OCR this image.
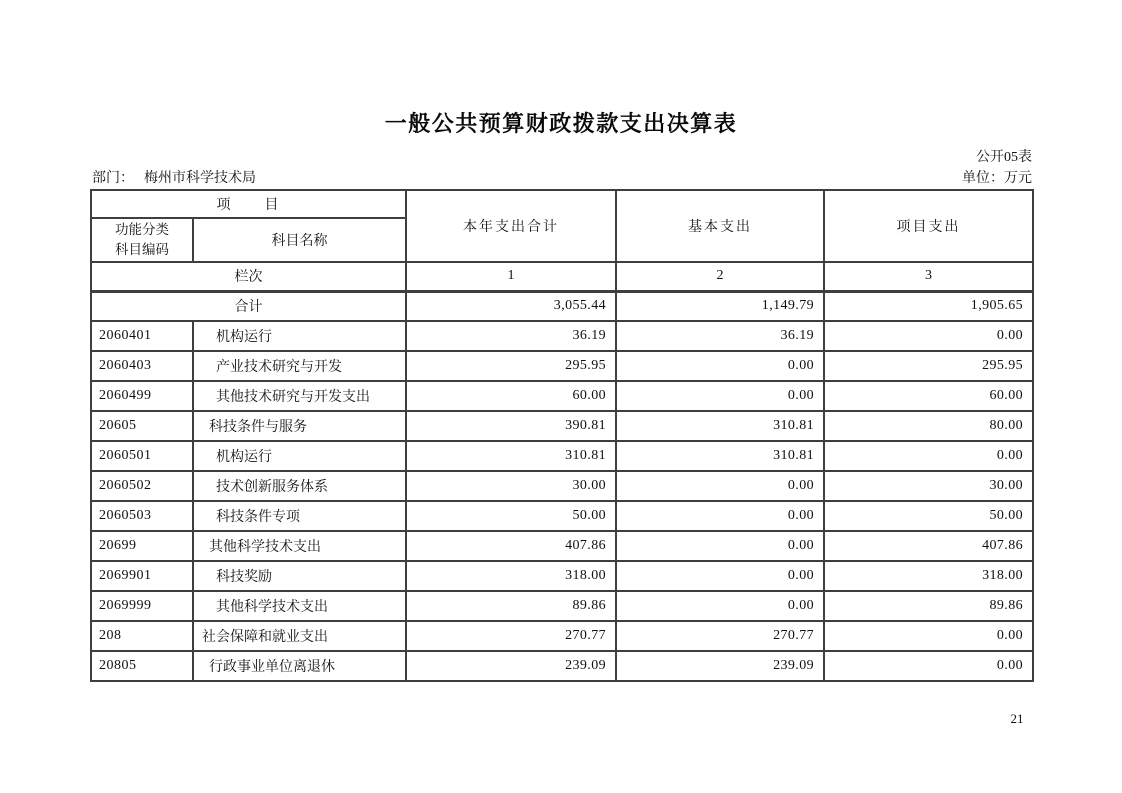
一般公共预算财政拨款支出决算表
公开05表
部门： 梅州市科学技术局	单位：万元
项　　目		本年支出合计	基本支出	项目支出

功能分类
科目编码	科目名称			
栏次		1	2	3
合计		3,055.44	1,149.79	1,905.65
2060401	机构运行	36.19	36.19	0.00
2060403	产业技术研究与开发	295.95	0.00	295.95
2060499	其他技术研究与开发支出	60.00	0.00	60.00
20605	科技条件与服务	390.81	310.81	80.00
2060501	机构运行	310.81	310.81	0.00
2060502	技术创新服务体系	30.00	0.00	30.00
2060503	科技条件专项	50.00	0.00	50.00
20699	其他科学技术支出	407.86	0.00	407.86
2069901	科技奖励	318.00	0.00	318.00
2069999	其他科学技术支出	89.86	0.00	89.86
208	社会保障和就业支出	270.77	270.77	0.00
20805	行政事业单位离退休	239.09	239.09	0.00
21
